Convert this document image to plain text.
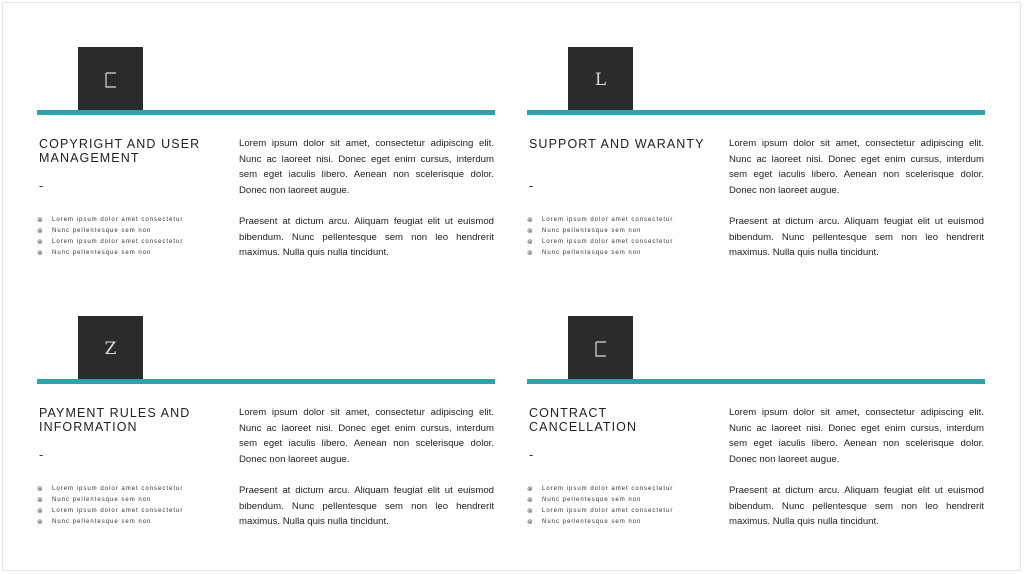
COPYRIGHT AND USER MANAGEMENT
-
⊗	Lorem ipsum dolor amet consectetur
⊗	Nunc pellentesque sem non
⊗	Lorem ipsum dolor amet consectetur
⊗	Nunc pellentesque sem non

Lorem ipsum dolor sit amet, consectetur adipiscing elit. Nunc ac laoreet nisi. Donec eget enim cursus, interdum sem eget iaculis libero. Aenean non scelerisque dolor. Donec non laoreet augue.

Praesent at dictum arcu. Aliquam feugiat elit ut euismod bibendum. Nunc pellentesque sem non leo hendrerit maximus. Nulla quis nulla tincidunt.

L
SUPPORT AND WARANTY
-
⊗	Lorem ipsum dolor amet consectetur
⊗	Nunc pellentesque sem non
⊗	Lorem ipsum dolor amet consectetur
⊗	Nunc pellentesque sem non

Lorem ipsum dolor sit amet, consectetur adipiscing elit. Nunc ac laoreet nisi. Donec eget enim cursus, interdum sem eget iaculis libero. Aenean non scelerisque dolor. Donec non laoreet augue.

Praesent at dictum arcu. Aliquam feugiat elit ut euismod bibendum. Nunc pellentesque sem non leo hendrerit maximus. Nulla quis nulla tincidunt.

Z
PAYMENT RULES AND INFORMATION
-
⊗	Lorem ipsum dolor amet consectetur
⊗	Nunc pellentesque sem non
⊗	Lorem ipsum dolor amet consectetur
⊗	Nunc pellentesque sem non

Lorem ipsum dolor sit amet, consectetur adipiscing elit. Nunc ac laoreet nisi. Donec eget enim cursus, interdum sem eget iaculis libero. Aenean non scelerisque dolor. Donec non laoreet augue.

Praesent at dictum arcu. Aliquam feugiat elit ut euismod bibendum. Nunc pellentesque sem non leo hendrerit maximus. Nulla quis nulla tincidunt.

CONTRACT CANCELLATION
-
⊗	Lorem ipsum dolor amet consectetur
⊗	Nunc pellentesque sem non
⊗	Lorem ipsum dolor amet consectetur
⊗	Nunc pellentesque sem non

Lorem ipsum dolor sit amet, consectetur adipiscing elit. Nunc ac laoreet nisi. Donec eget enim cursus, interdum sem eget iaculis libero. Aenean non scelerisque dolor. Donec non laoreet augue.

Praesent at dictum arcu. Aliquam feugiat elit ut euismod bibendum. Nunc pellentesque sem non leo hendrerit maximus. Nulla quis nulla tincidunt.
